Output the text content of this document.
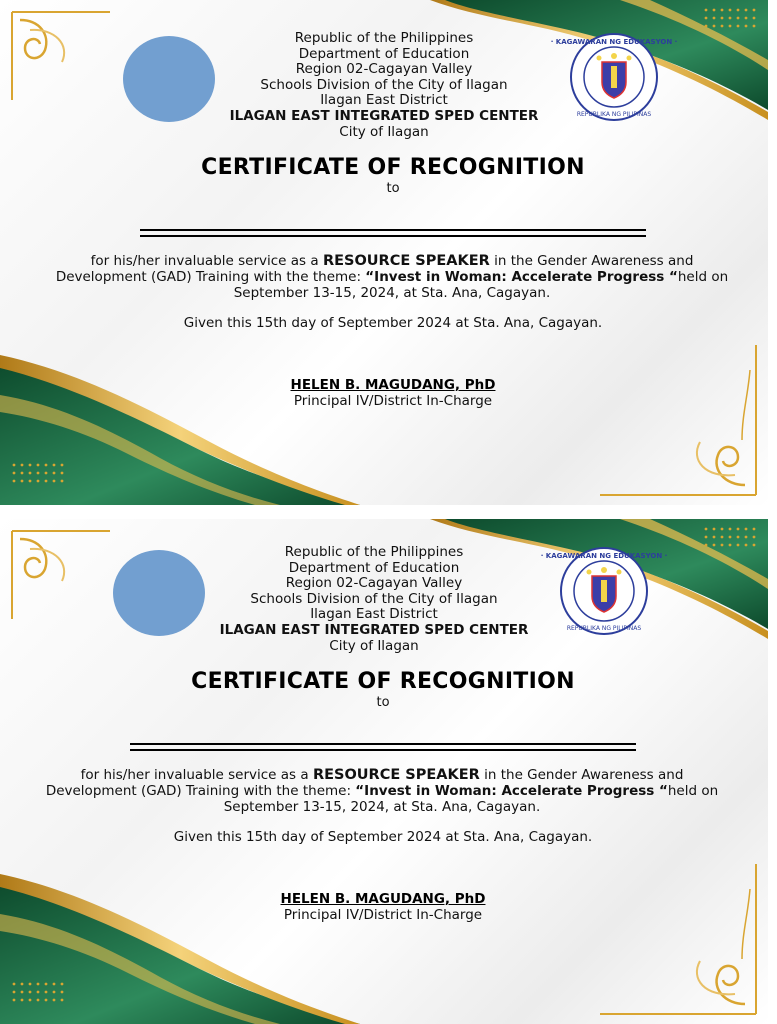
· KAGAWARAN NG EDUKASYON ·
REPUBLIKA NG PILIPINAS
Republic of the Philippines
Department of Education
Region 02-Cagayan Valley
Schools Division of the City of Ilagan
Ilagan East District
ILAGAN EAST INTEGRATED SPED CENTER
City of Ilagan
CERTIFICATE OF RECOGNITION
to
for his/her invaluable service as a RESOURCE SPEAKER in the Gender Awareness and Development (GAD) Training with the theme: “Invest in Woman: Accelerate Progress “held on September 13-15, 2024, at Sta. Ana, Cagayan.
Given this 15th day of September 2024 at Sta. Ana, Cagayan.
HELEN B. MAGUDANG, PhD
Principal IV/District In-Charge
· KAGAWARAN NG EDUKASYON ·
REPUBLIKA NG PILIPINAS
Republic of the Philippines
Department of Education
Region 02-Cagayan Valley
Schools Division of the City of Ilagan
Ilagan East District
ILAGAN EAST INTEGRATED SPED CENTER
City of Ilagan
CERTIFICATE OF RECOGNITION
to
for his/her invaluable service as a RESOURCE SPEAKER in the Gender Awareness and Development (GAD) Training with the theme: “Invest in Woman: Accelerate Progress “held on September 13-15, 2024, at Sta. Ana, Cagayan.
Given this 15th day of September 2024 at Sta. Ana, Cagayan.
HELEN B. MAGUDANG, PhD
Principal IV/District In-Charge
